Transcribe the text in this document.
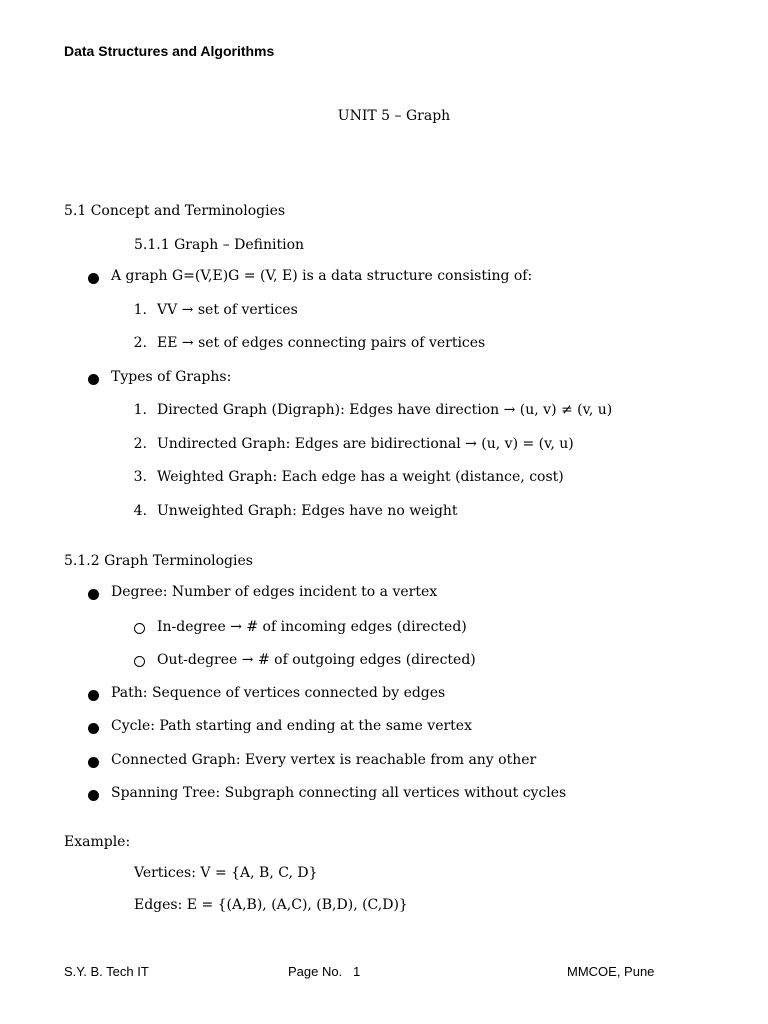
Data Structures and Algorithms
UNIT 5 – Graph
5.1 Concept and Terminologies
5.1.1 Graph – Definition
A graph G=(V,E)G = (V, E) is a data structure consisting of:
1. VV → set of vertices
2. EE → set of edges connecting pairs of vertices
Types of Graphs:
1. Directed Graph (Digraph): Edges have direction → (u, v) ≠ (v, u)
2. Undirected Graph: Edges are bidirectional → (u, v) = (v, u)
3. Weighted Graph: Each edge has a weight (distance, cost)
4. Unweighted Graph: Edges have no weight
5.1.2 Graph Terminologies
Degree: Number of edges incident to a vertex
In-degree → # of incoming edges (directed)
Out-degree → # of outgoing edges (directed)
Path: Sequence of vertices connected by edges
Cycle: Path starting and ending at the same vertex
Connected Graph: Every vertex is reachable from any other
Spanning Tree: Subgraph connecting all vertices without cycles
Example:
Vertices: V = {A, B, C, D}
Edges: E = {(A,B), (A,C), (B,D), (C,D)}
S.Y. B. Tech IT	Page No.   1	MMCOE, Pune
